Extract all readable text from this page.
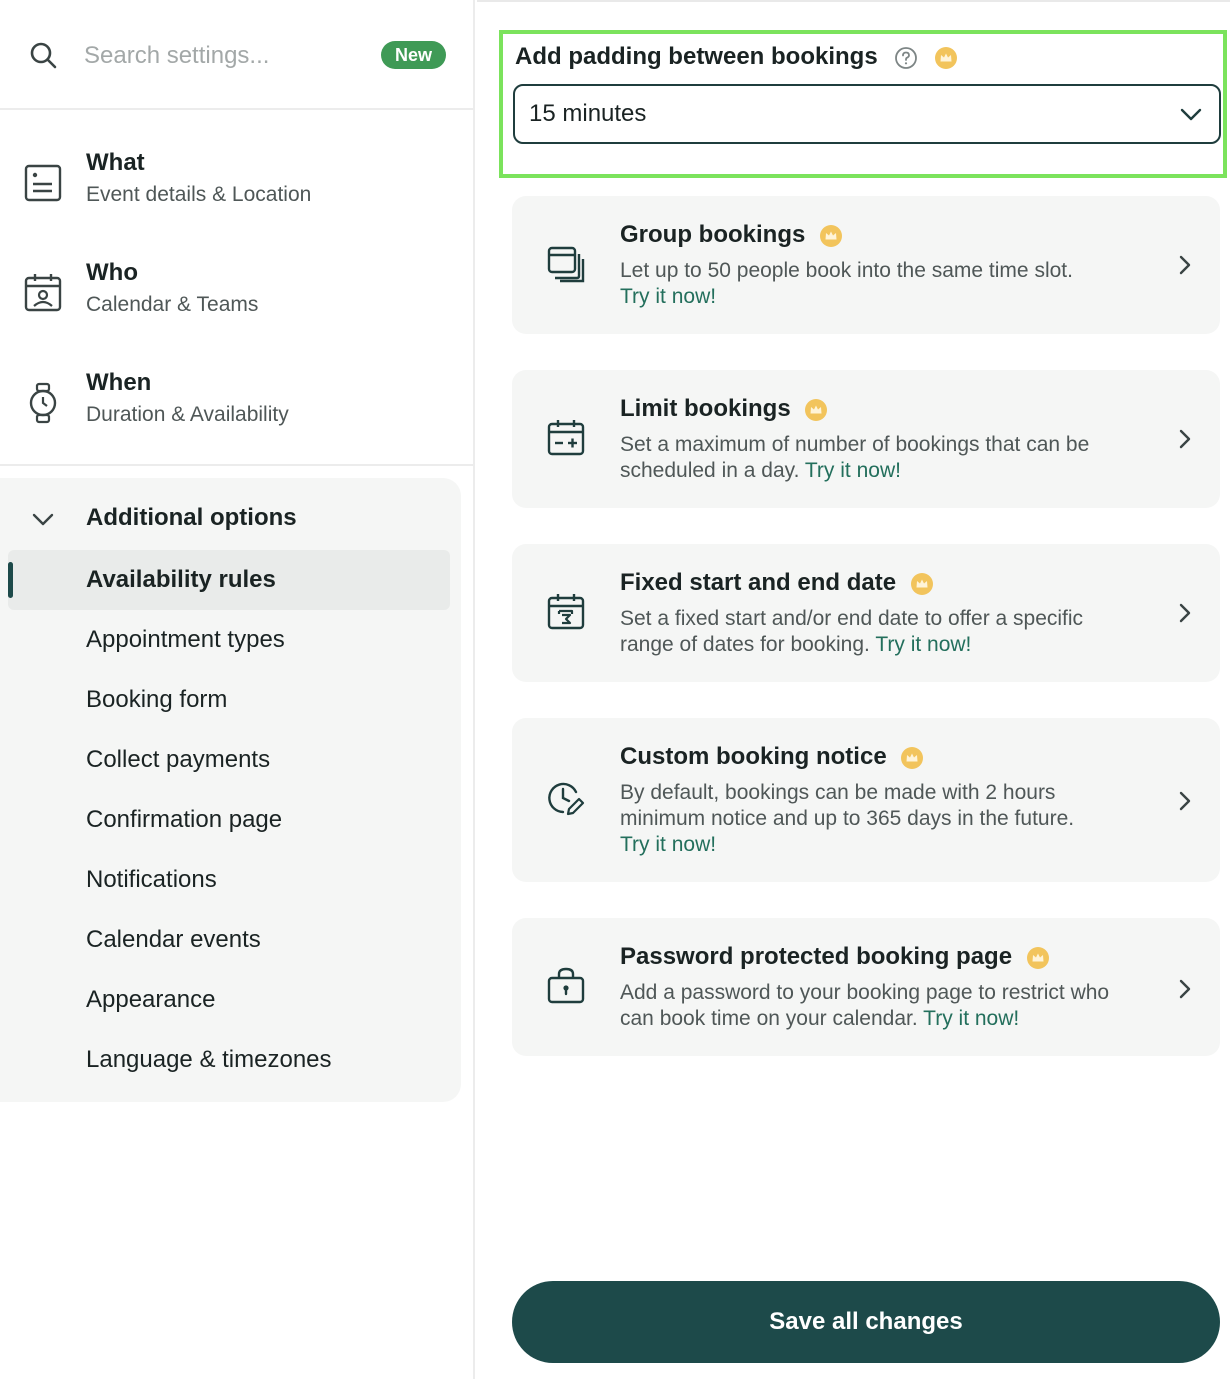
Search settings...
New
What
Event details & Location
Who
Calendar & Teams
When
Duration & Availability
Additional options
Availability rules
Appointment types
Booking form
Collect payments
Confirmation page
Notifications
Calendar events
Appearance
Language & timezones
Add padding between bookings
15 minutes
Group bookings
Let up to 50 people book into the same time slot.
Try it now!
Limit bookings
Set a maximum of number of bookings that can be scheduled in a day. Try it now!
Fixed start and end date
Set a fixed start and/or end date to offer a specific range of dates for booking. Try it now!
Custom booking notice
By default, bookings can be made with 2 hours minimum notice and up to 365 days in the future.
Try it now!
Password protected booking page
Add a password to your booking page to restrict who can book time on your calendar. Try it now!
Save all changes
